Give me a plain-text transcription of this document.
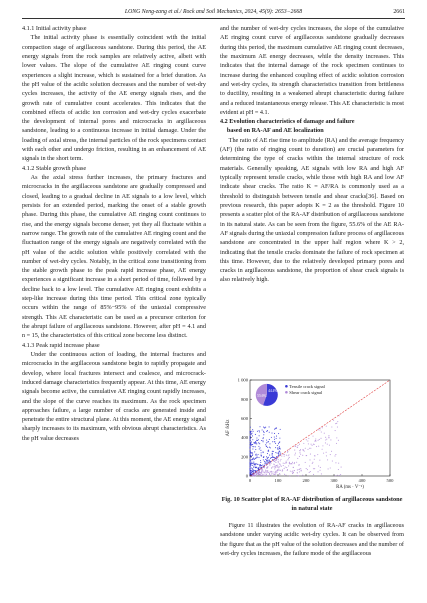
LONG Neng-zang et al./ Rock and Soil Mechanics, 2024, 45(9): 2653−2668	2661

4.1.1 Initial activity phase

The initial activity phase is essentially coincident with the initial compaction stage of argillaceous sandstone. During this period, the AE energy signals from the rock samples are relatively active, albeit with lower values. The slope of the cumulative AE ringing count curve experiences a slight increase, which is sustained for a brief duration. As the pH value of the acidic solution decreases and the number of wet-dry cycles increases, the activity of the AE energy signals rises, and the growth rate of cumulative count accelerates. This indicates that the combined effects of acidic ion corrosion and wet-dry cycles exacerbate the development of internal pores and microcracks in argillaceous sandstone, leading to a continuous increase in initial damage. Under the loading of axial stress, the internal particles of the rock specimens contact with each other and undergo friction, resulting in an enhancement of AE signals in the short term.

4.1.2 Stable growth phase

As the axial stress further increases, the primary fractures and microcracks in the argillaceous sandstone are gradually compressed and closed, leading to a gradual decline in AE signals to a low level, which persists for an extended period, marking the onset of a stable growth phase. During this phase, the cumulative AE ringing count continues to rise, and the energy signals become denser, yet they all fluctuate within a narrow range. The growth rate of the cumulative AE ringing count and the fluctuation range of the energy signals are negatively correlated with the pH value of the acidic solution while positively correlated with the number of wet-dry cycles. Notably, in the critical zone transitioning from the stable growth phase to the peak rapid increase phase, AE energy experiences a significant increase in a short period of time, followed by a decline back to a low level. The cumulative AE ringing count exhibits a step-like increase during this time period. This critical zone typically occurs within the range of 85%−95% of the uniaxial compressive strength. This AE characteristic can be used as a precursor criterion for the abrupt failure of argillaceous sandstone. However, after pH = 4.1 and n = 15, the characteristics of this critical zone become less distinct.

4.1.3 Peak rapid increase phase

Under the continuous action of loading, the internal fractures and microcracks in the argillaceous sandstone begin to rapidly propagate and develop, where local fractures intersect and coalesce, and microcrack-induced damage characteristics frequently appear. At this time, AE energy signals become active, the cumulative AE ringing count rapidly increases, and the slope of the curve reaches its maximum. As the rock specimen approaches failure, a large number of cracks are generated inside and penetrate the entire structural plane. At this moment, the AE energy signal sharply increases to its maximum, with obvious abrupt characteristics. As the pH value decreases

and the number of wet-dry cycles increases, the slope of the cumulative AE ringing count curve of argillaceous sandstone gradually decreases during this period, the maximum cumulative AE ringing count decreases, the maximum AE energy decreases, while the density increases. This indicates that the internal damage of the rock specimen continues to increase during the enhanced coupling effect of acidic solution corrosion and wet-dry cycles, its strength characteristics transition from brittleness to ductility, resulting in a weakened abrupt characteristic during failure and a reduced instantaneous energy release. This AE characteristic is most evident at pH = 4.1.

4.2 Evolution characteristics of damage and failure

based on RA-AF and AE localization

The ratio of AE rise time to amplitude (RA) and the average frequency (AF) (the ratio of ringing count to duration) are crucial parameters for determining the type of cracks within the internal structure of rock materials. Generally speaking, AE signals with low RA and high AF typically represent tensile cracks, while those with high RA and low AF indicate shear cracks. The ratio K = AF/RA is commonly used as a threshold to distinguish between tensile and shear cracks[36]. Based on previous research, this paper adopts K = 2 as the threshold. Figure 10 presents a scatter plot of the RA-AF distribution of argillaceous sandstone in its natural state. As can be seen from the figure, 55.6% of the AE RA-AF signals during the uniaxial compression failure process of argillaceous sandstone are concentrated in the upper half region where K > 2, indicating that the tensile cracks dominate the failure of rock specimen at this time. However, due to the relatively developed primary pores and cracks in argillaceous sandstone, the proportion of shear crack signals is also relatively high.

0	100	200	300	400	500
0
200
400
600
800
1 000
RA (ms · V⁻¹)
AF /kHz
55.6%
44.4%
Tensile crack signal
Shear crack signal
Fig. 10 Scatter plot of RA-AF distribution of argillaceous sandstone in natural state

Figure 11 illustrates the evolution of RA-AF cracks in argillaceous sandstone under varying acidic wet-dry cycles. It can be observed from the figure that as the pH value of the solution decreases and the number of wet-dry cycles increases, the failure mode of the argillaceous
